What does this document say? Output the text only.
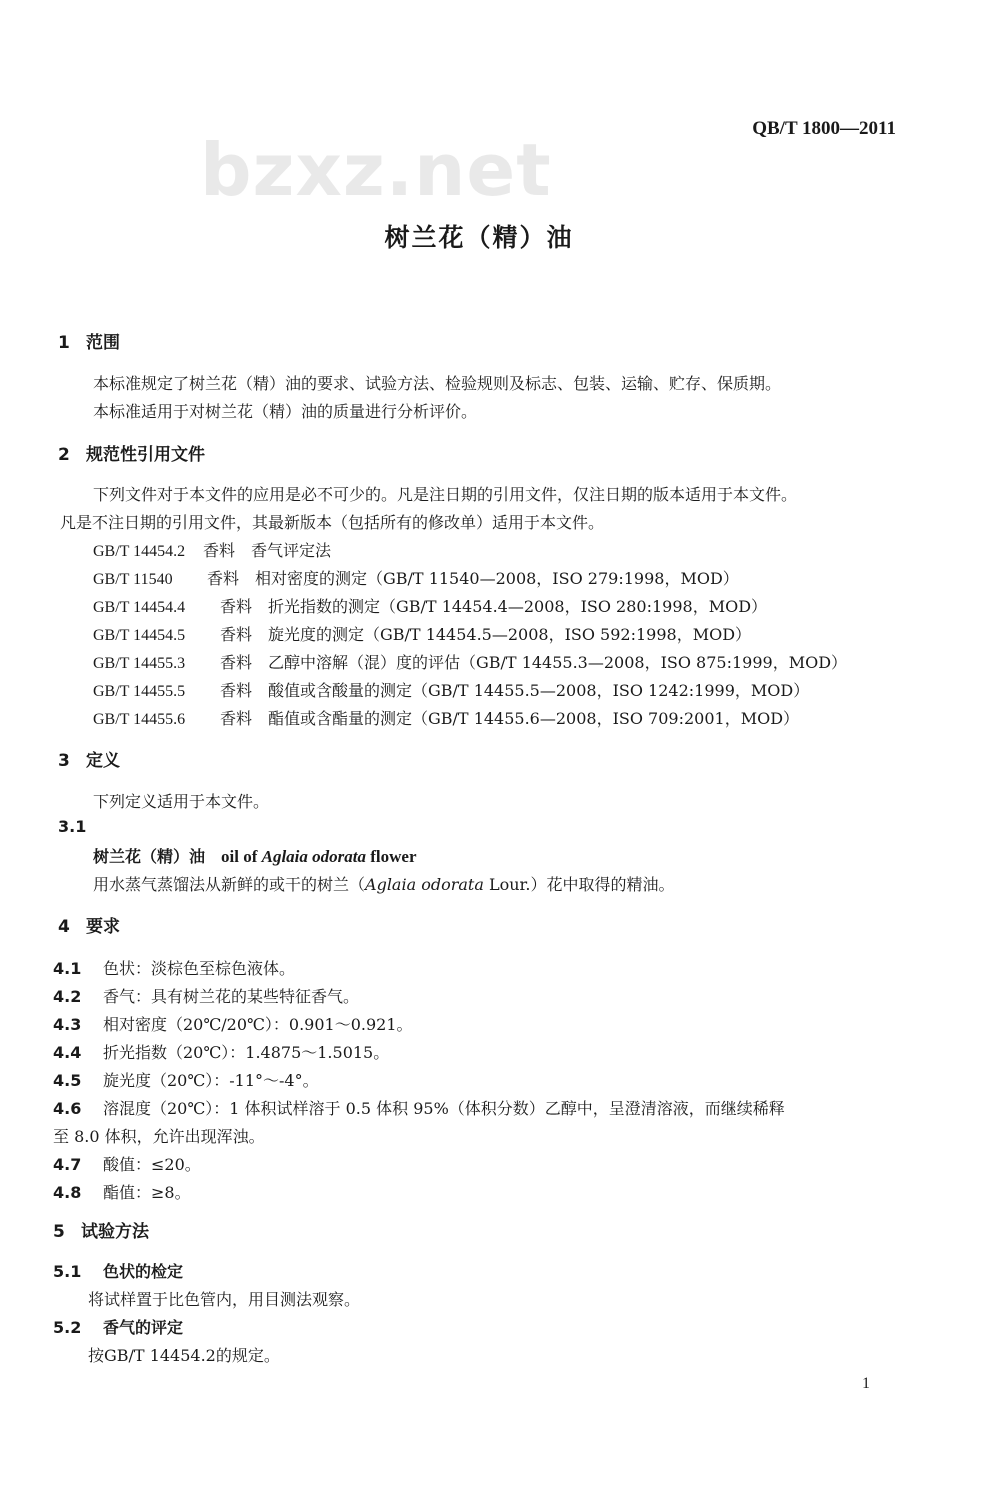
bzxz.net	QB/T 1800—2011
树兰花（精）油
1 范围
本标准规定了树兰花（精）油的要求、试验方法、检验规则及标志、包装、运输、贮存、保质期。
本标准适用于对树兰花（精）油的质量进行分析评价。
2 规范性引用文件
下列文件对于本文件的应用是必不可少的。凡是注日期的引用文件，仅注日期的版本适用于本文件。
凡是不注日期的引用文件，其最新版本（包括所有的修改单）适用于本文件。
GB/T 14454.2 香料　香气评定法
GB/T 11540 香料　相对密度的测定（GB/T 11540—2008，ISO 279:1998，MOD）
GB/T 14454.4 香料　折光指数的测定（GB/T 14454.4—2008，ISO 280:1998，MOD）
GB/T 14454.5 香料　旋光度的测定（GB/T 14454.5—2008，ISO 592:1998，MOD）
GB/T 14455.3 香料　乙醇中溶解（混）度的评估（GB/T 14455.3—2008，ISO 875:1999，MOD）
GB/T 14455.5 香料　酸值或含酸量的测定（GB/T 14455.5—2008，ISO 1242:1999，MOD）
GB/T 14455.6 香料　酯值或含酯量的测定（GB/T 14455.6—2008，ISO 709:2001，MOD）
3 定义
下列定义适用于本文件。
3.1
树兰花（精）油 oil of Aglaia odorata flower
用水蒸气蒸馏法从新鲜的或干的树兰（Aglaia odorata Lour.）花中取得的精油。
4 要求
4.1 色状：淡棕色至棕色液体。
4.2 香气：具有树兰花的某些特征香气。
4.3 相对密度（20℃/20℃）：0.901～0.921。
4.4 折光指数（20℃）：1.4875～1.5015。
4.5 旋光度（20℃）：-11°～-4°。
4.6 溶混度（20℃）：1 体积试样溶于 0.5 体积 95%（体积分数）乙醇中，呈澄清溶液，而继续稀释
至 8.0 体积，允许出现浑浊。
4.7 酸值：≤20。
4.8 酯值：≥8。
5 试验方法
5.1 色状的检定
将试样置于比色管内，用目测法观察。
5.2 香气的评定
按GB/T 14454.2的规定。
1
